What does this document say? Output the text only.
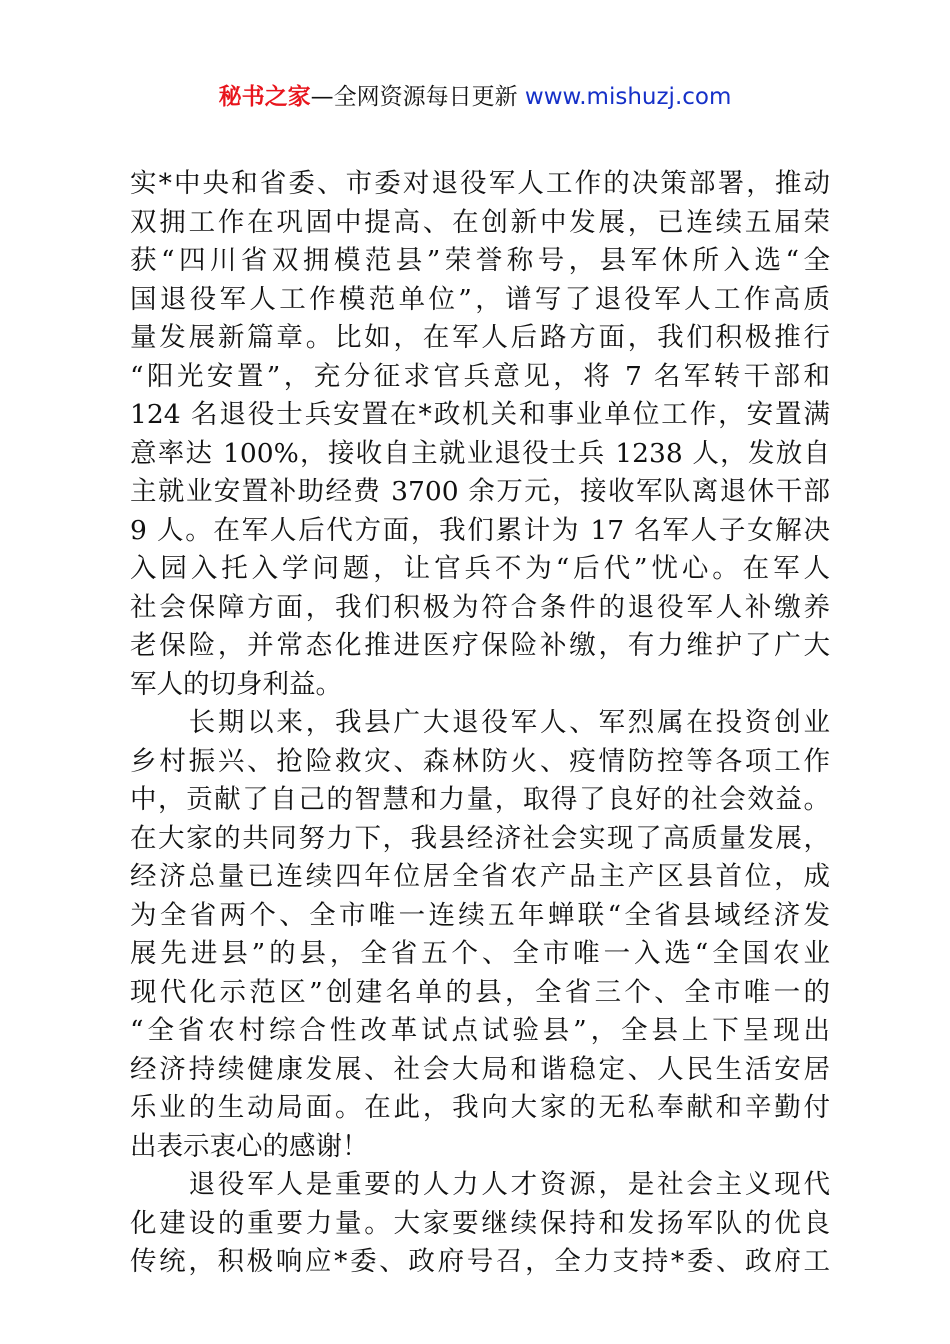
秘书之家—全网资源每日更新 www.mishuzj.com
实*中央和省委、市委对退役军人工作的决策部署，推动
双拥工作在巩固中提高、在创新中发展，已连续五届荣
获“四川省双拥模范县”荣誉称号，县军休所入选“全
国退役军人工作模范单位”，谱写了退役军人工作高质
量发展新篇章。比如，在军人后路方面，我们积极推行
“阳光安置”，充分征求官兵意见，将 7 名军转干部和
124 名退役士兵安置在*政机关和事业单位工作，安置满
意率达 100%，接收自主就业退役士兵 1238 人，发放自
主就业安置补助经费 3700 余万元，接收军队离退休干部
9 人。在军人后代方面，我们累计为 17 名军人子女解决
入园入托入学问题，让官兵不为“后代”忧心。在军人
社会保障方面，我们积极为符合条件的退役军人补缴养
老保险，并常态化推进医疗保险补缴，有力维护了广大
军人的切身利益。
　　长期以来，我县广大退役军人、军烈属在投资创业
乡村振兴、抢险救灾、森林防火、疫情防控等各项工作
中，贡献了自己的智慧和力量，取得了良好的社会效益。
在大家的共同努力下，我县经济社会实现了高质量发展，
经济总量已连续四年位居全省农产品主产区县首位，成
为全省两个、全市唯一连续五年蝉联“全省县域经济发
展先进县”的县，全省五个、全市唯一入选“全国农业
现代化示范区”创建名单的县，全省三个、全市唯一的
“全省农村综合性改革试点试验县”，全县上下呈现出
经济持续健康发展、社会大局和谐稳定、人民生活安居
乐业的生动局面。在此，我向大家的无私奉献和辛勤付
出表示衷心的感谢！
　　退役军人是重要的人力人才资源，是社会主义现代
化建设的重要力量。大家要继续保持和发扬军队的优良
传统，积极响应*委、政府号召，全力支持*委、政府工
